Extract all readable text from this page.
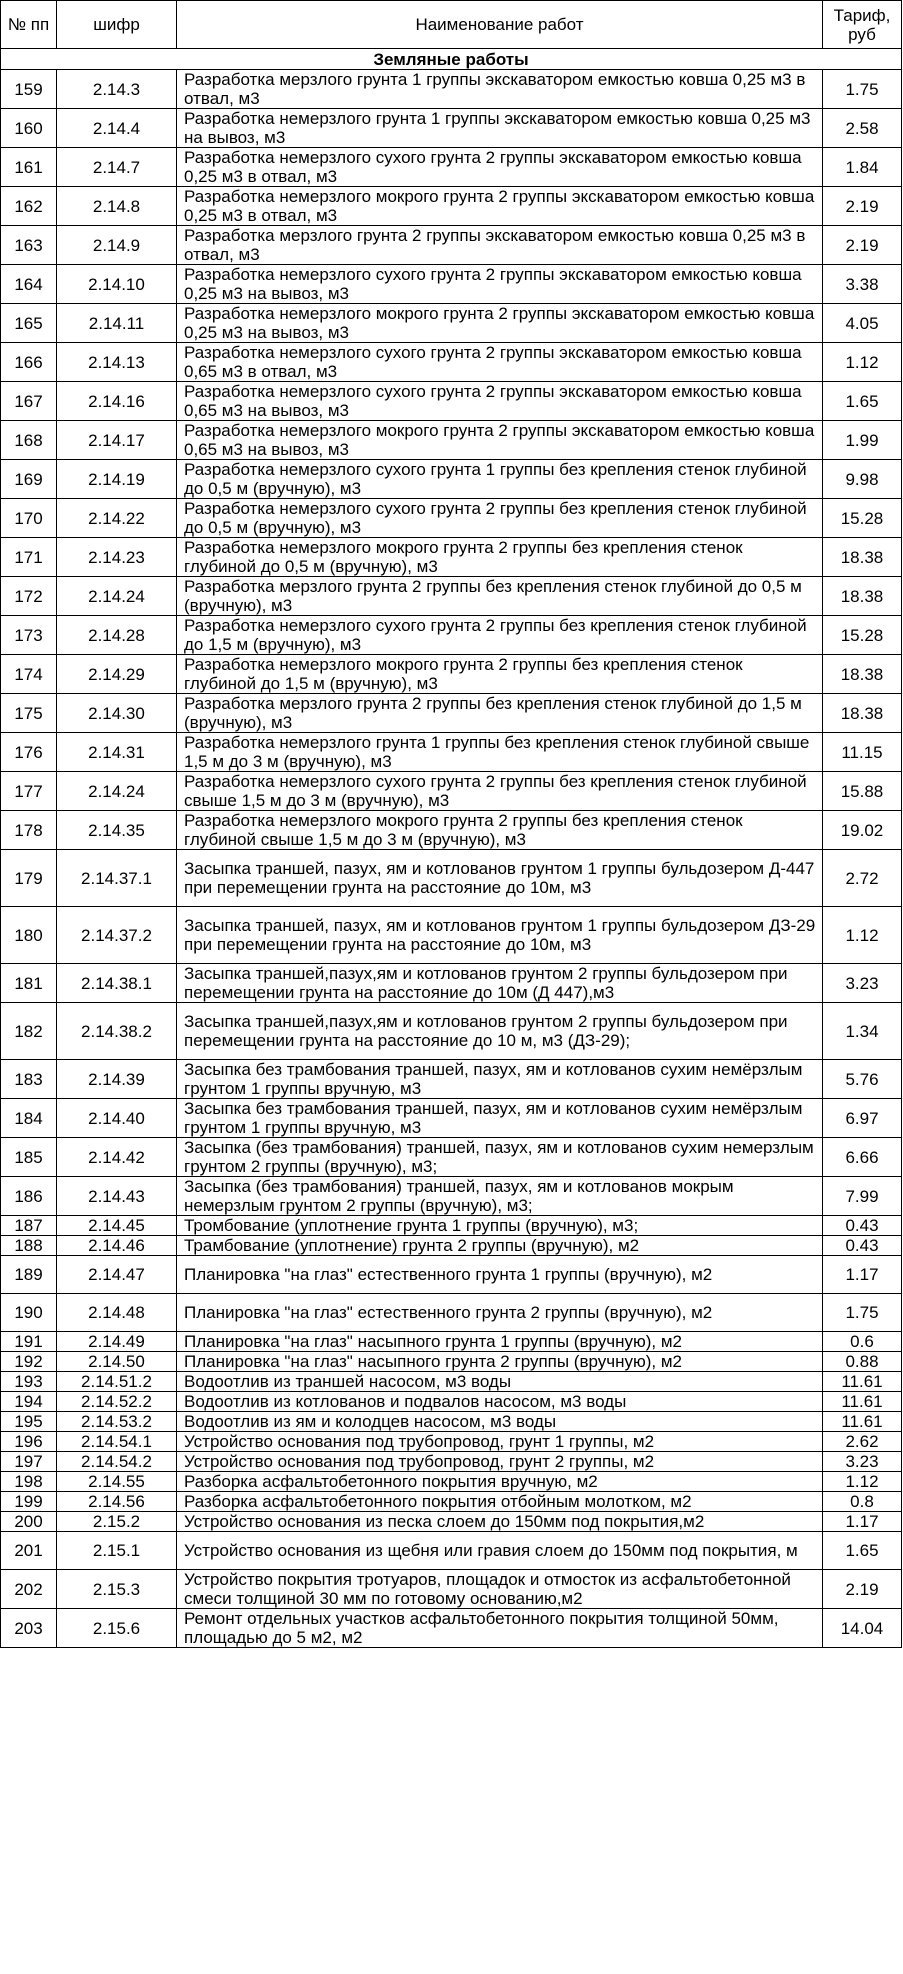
№ пп	шифр	Наименование работ	Тариф, руб
Земляные работы			
159	2.14.3	Разработка мерзлого грунта 1 группы экскаватором емкостью ковша 0,25 м3 в отвал, м3	1.75
160	2.14.4	Разработка немерзлого грунта 1 группы экскаватором емкостью ковша 0,25 м3 на вывоз, м3	2.58
161	2.14.7	Разработка немерзлого сухого грунта 2 группы экскаватором емкостью ковша 0,25 м3 в отвал, м3	1.84
162	2.14.8	Разработка немерзлого мокрого грунта 2 группы экскаватором емкостью ковша 0,25 м3 в отвал, м3	2.19
163	2.14.9	Разработка мерзлого грунта 2 группы экскаватором емкостью ковша 0,25 м3 в отвал, м3	2.19
164	2.14.10	Разработка немерзлого сухого грунта 2 группы экскаватором емкостью ковша 0,25 м3 на вывоз, м3	3.38
165	2.14.11	Разработка немерзлого мокрого грунта 2 группы экскаватором емкостью ковша 0,25 м3 на вывоз, м3	4.05
166	2.14.13	Разработка немерзлого сухого грунта 2 группы экскаватором емкостью ковша 0,65 м3 в отвал, м3	1.12
167	2.14.16	Разработка немерзлого сухого грунта 2 группы экскаватором емкостью ковша 0,65 м3 на вывоз, м3	1.65
168	2.14.17	Разработка немерзлого мокрого грунта 2 группы экскаватором емкостью ковша 0,65 м3 на вывоз, м3	1.99
169	2.14.19	Разработка немерзлого сухого грунта 1 группы без крепления стенок глубиной до 0,5 м (вручную), м3	9.98
170	2.14.22	Разработка немерзлого сухого грунта 2 группы без крепления стенок глубиной до 0,5 м (вручную), м3	15.28
171	2.14.23	Разработка немерзлого мокрого грунта 2 группы без крепления стенок глубиной до 0,5 м (вручную), м3	18.38
172	2.14.24	Разработка мерзлого грунта 2 группы без крепления стенок глубиной до 0,5 м (вручную), м3	18.38
173	2.14.28	Разработка немерзлого сухого грунта 2 группы без крепления стенок глубиной до 1,5 м (вручную), м3	15.28
174	2.14.29	Разработка немерзлого мокрого грунта 2 группы без крепления стенок глубиной до 1,5 м (вручную), м3	18.38
175	2.14.30	Разработка мерзлого грунта 2 группы без крепления стенок глубиной до 1,5 м (вручную), м3	18.38
176	2.14.31	Разработка немерзлого грунта 1 группы без крепления стенок глубиной свыше 1,5 м до 3 м (вручную), м3	11.15
177	2.14.24	Разработка немерзлого сухого грунта 2 группы без крепления стенок глубиной свыше 1,5 м до 3 м (вручную), м3	15.88
178	2.14.35	Разработка немерзлого мокрого грунта 2 группы без крепления стенок глубиной свыше 1,5 м до 3 м (вручную), м3	19.02
179	2.14.37.1	Засыпка траншей, пазух, ям и котлованов грунтом 1 группы бульдозером Д-447 при перемещении грунта на расстояние до 10м, м3	2.72
180	2.14.37.2	Засыпка траншей, пазух, ям и котлованов грунтом 1 группы бульдозером ДЗ-29 при перемещении грунта на расстояние до 10м, м3	1.12
181	2.14.38.1	Засыпка траншей,пазух,ям и котлованов грунтом 2 группы бульдозером при перемещении грунта на расстояние до 10м (Д 447),м3	3.23
182	2.14.38.2	Засыпка траншей,пазух,ям и котлованов грунтом 2 группы бульдозером при перемещении грунта на расстояние до 10 м, м3 (ДЗ-29);	1.34
183	2.14.39	Засыпка без трамбования траншей, пазух, ям и котлованов сухим немёрзлым грунтом 1 группы вручную, м3	5.76
184	2.14.40	Засыпка без трамбования траншей, пазух, ям и котлованов сухим немёрзлым грунтом 1 группы вручную, м3	6.97
185	2.14.42	Засыпка (без трамбования) траншей, пазух, ям и котлованов сухим немерзлым грунтом 2 группы (вручную), м3;	6.66
186	2.14.43	Засыпка (без трамбования) траншей, пазух, ям и котлованов мокрым немерзлым грунтом 2 группы (вручную), м3;	7.99
187	2.14.45	Тромбование (уплотнение грунта 1 группы (вручную), м3;	0.43
188	2.14.46	Трамбование (уплотнение) грунта 2 группы (вручную), м2	0.43
189	2.14.47	Планировка "на глаз" естественного грунта 1 группы (вручную), м2	1.17
190	2.14.48	Планировка "на глаз" естественного грунта 2 группы (вручную), м2	1.75
191	2.14.49	Планировка "на глаз" насыпного грунта 1 группы (вручную), м2	0.6
192	2.14.50	Планировка "на глаз" насыпного грунта 2 группы (вручную), м2	0.88
193	2.14.51.2	Водоотлив из траншей насосом, м3 воды	11.61
194	2.14.52.2	Водоотлив из котлованов и подвалов насосом, м3 воды	11.61
195	2.14.53.2	Водоотлив из ям и колодцев насосом, м3 воды	11.61
196	2.14.54.1	Устройство основания под трубопровод, грунт 1 группы, м2	2.62
197	2.14.54.2	Устройство основания под трубопровод, грунт 2 группы, м2	3.23
198	2.14.55	Разборка асфальтобетонного покрытия вручную, м2	1.12
199	2.14.56	Разборка асфальтобетонного покрытия отбойным молотком, м2	0.8
200	2.15.2	Устройство основания из песка слоем до 150мм под покрытия,м2	1.17
201	2.15.1	Устройство основания из щебня или гравия слоем до 150мм под покрытия, м	1.65
202	2.15.3	Устройство покрытия тротуаров, площадок и отмосток из асфальтобетонной смеси толщиной 30 мм по готовому основанию,м2	2.19
203	2.15.6	Ремонт отдельных участков асфальтобетонного покрытия толщиной 50мм, площадью до 5 м2, м2	14.04
